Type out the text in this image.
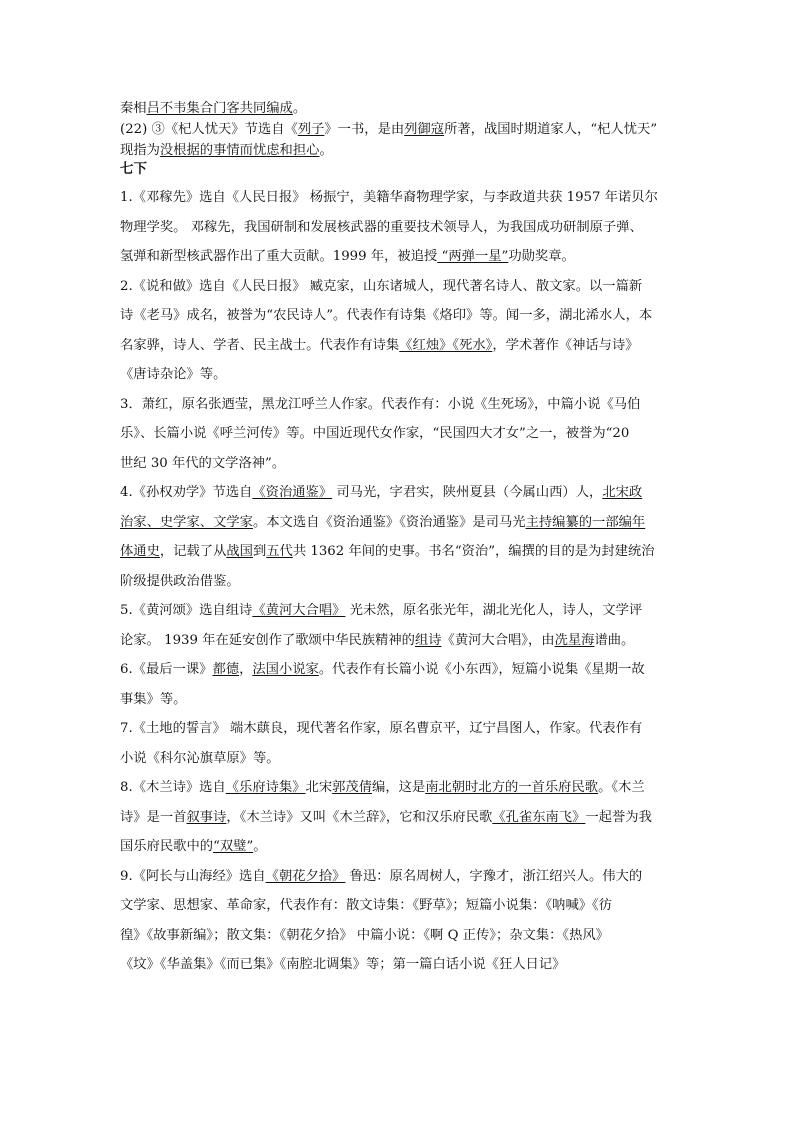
秦相吕不韦集合门客共同编成。
(22) ③《杞人忧天》节选自《列子》一书，是由列御寇所著，战国时期道家人，“杞人忧天”
现指为没根据的事情而忧虑和担心。
七下
1.《邓稼先》选自《人民日报》 杨振宁，美籍华裔物理学家，与李政道共获 1957 年诺贝尔
物理学奖。 邓稼先，我国研制和发展核武器的重要技术领导人，为我国成功研制原子弹、
氢弹和新型核武器作出了重大贡献。1999 年，被追授 “两弹一星”功勋奖章。
2.《说和做》选自《人民日报》 臧克家，山东诸城人，现代著名诗人、散文家。以一篇新
诗《老马》成名，被誉为“农民诗人”。代表作有诗集《烙印》等。闻一多，湖北浠水人，本
名家骅，诗人、学者、民主战士。代表作有诗集《红烛》《死水》，学术著作《神话与诗》
《唐诗杂论》等。
3．萧红，原名张迺莹，黑龙江呼兰人作家。代表作有：小说《生死场》，中篇小说《马伯
乐》、长篇小说《呼兰河传》等。中国近现代女作家，“民国四大才女”之一，被誉为“20
世纪 30 年代的文学洛神”。
4.《孙权劝学》节选自《资治通鉴》 司马光，字君实，陕州夏县（今属山西）人，北宋政
治家、史学家、文学家。本文选自《资治通鉴》《资治通鉴》是司马光主持编纂的一部编年
体通史，记载了从战国到五代共 1362 年间的史事。书名“资治”，编撰的目的是为封建统治
阶级提供政治借鉴。
5.《黄河颂》选自组诗《黄河大合唱》 光未然，原名张光年，湖北光化人，诗人，文学评
论家。 1939 年在延安创作了歌颂中华民族精神的组诗《黄河大合唱》，由冼星海谱曲。
6.《最后一课》都德，法国小说家。代表作有长篇小说《小东西》，短篇小说集《星期一故
事集》等。
7.《土地的誓言》 端木蕻良，现代著名作家，原名曹京平，辽宁昌图人，作家。代表作有
小说《科尔沁旗草原》等。
8.《木兰诗》选自《乐府诗集》北宋郭茂倩编，这是南北朝时北方的一首乐府民歌。《木兰
诗》是一首叙事诗，《木兰诗》又叫《木兰辞》，它和汉乐府民歌《孔雀东南飞》一起誉为我
国乐府民歌中的“双璧”。
9.《阿长与山海经》选自《朝花夕拾》 鲁迅：原名周树人，字豫才，浙江绍兴人。伟大的
文学家、思想家、革命家，代表作有：散文诗集：《野草》；短篇小说集：《呐喊》《彷
徨》《故事新编》；散文集：《朝花夕拾》 中篇小说：《啊 Q 正传》；杂文集：《热风》
《坟》《华盖集》《而已集》《南腔北调集》等；第一篇白话小说《狂人日记》
